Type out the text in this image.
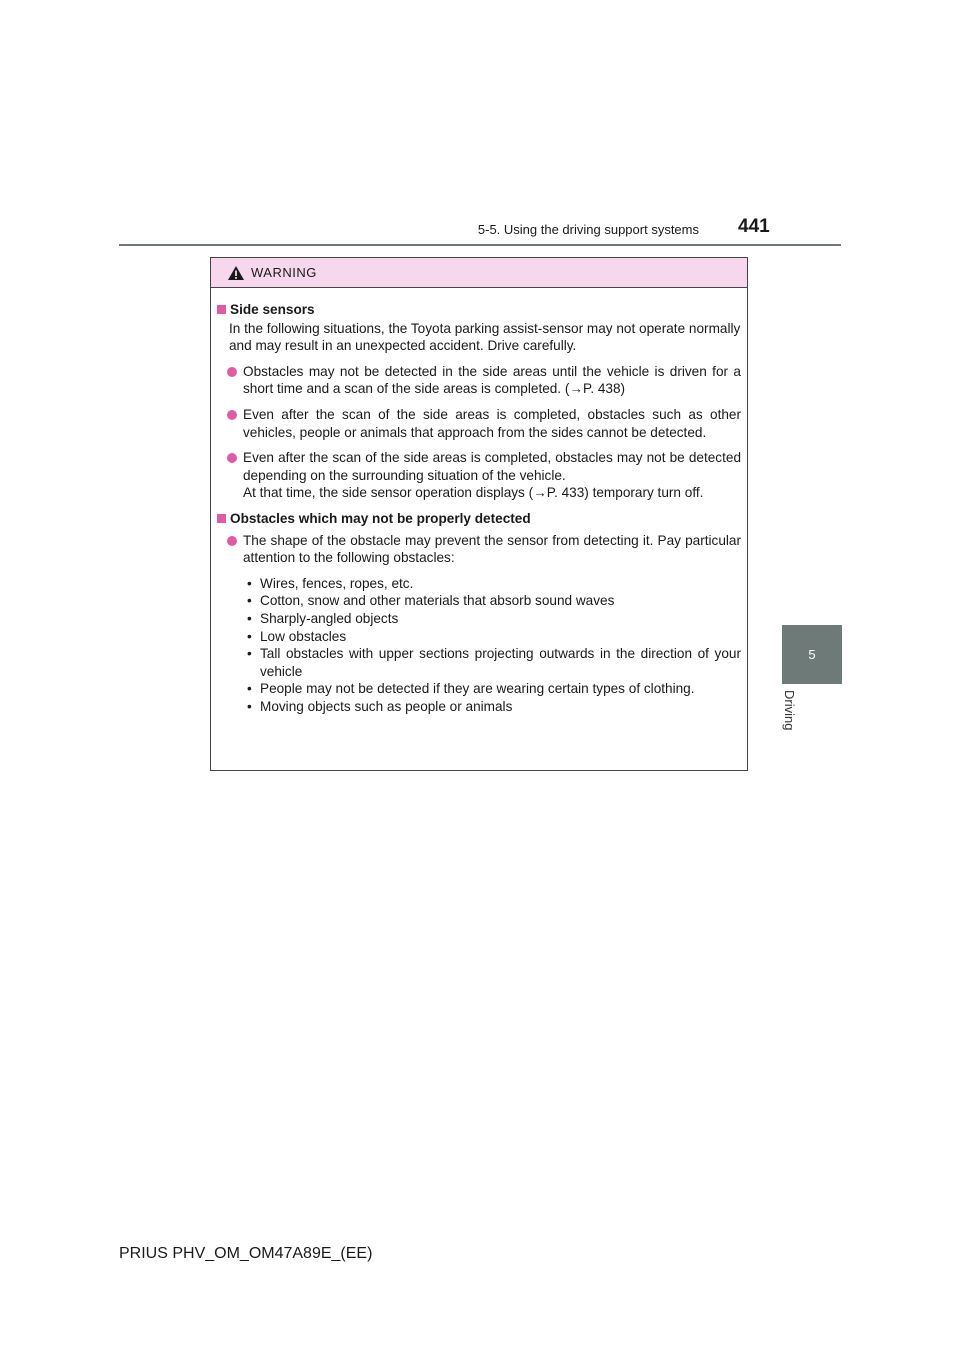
5-5. Using the driving support systems 441
5
Driving
WARNING
Side sensors
In the following situations, the Toyota parking assist-sensor may not operate normally and may result in an unexpected accident. Drive carefully.
Obstacles may not be detected in the side areas until the vehicle is driven for a short time and a scan of the side areas is completed. (→P. 438)
Even after the scan of the side areas is completed, obstacles such as other vehicles, people or animals that approach from the sides cannot be detected.
Even after the scan of the side areas is completed, obstacles may not be detected depending on the surrounding situation of the vehicle.
At that time, the side sensor operation displays (→P. 433) temporary turn off.
Obstacles which may not be properly detected
The shape of the obstacle may prevent the sensor from detecting it. Pay particular attention to the following obstacles:
• Wires, fences, ropes, etc.
• Cotton, snow and other materials that absorb sound waves
• Sharply-angled objects
• Low obstacles
• Tall obstacles with upper sections projecting outwards in the direction of your vehicle
• People may not be detected if they are wearing certain types of clothing.
• Moving objects such as people or animals
PRIUS PHV_OM_OM47A89E_(EE)
